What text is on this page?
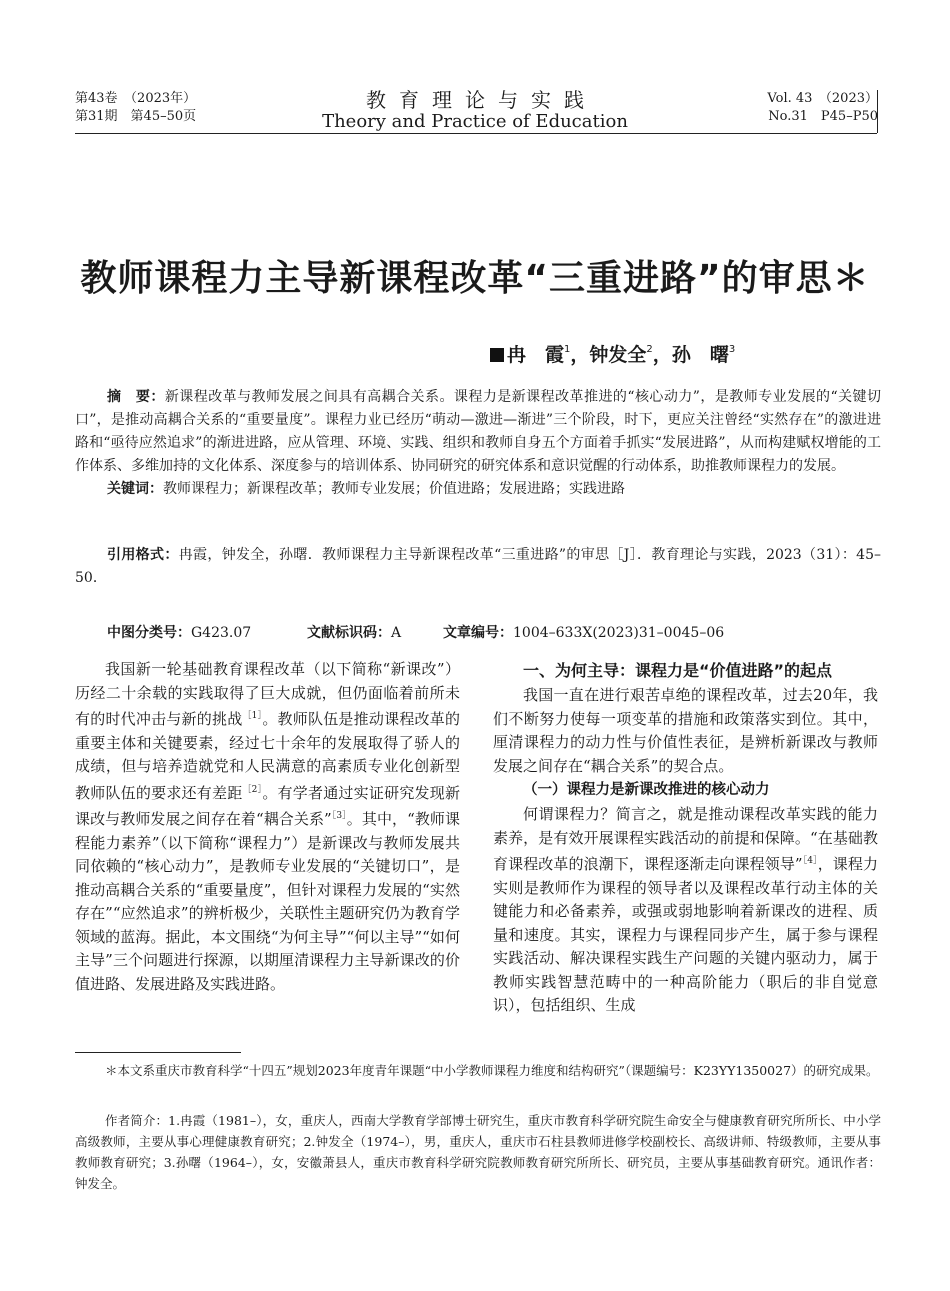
第43卷　（2023年）
第31期　第45–50页
教育理论与实践
Theory and Practice of Education
Vol. 43　（2023）
No.31　P45–P50
教师课程力主导新课程改革“三重进路”的审思＊
冉　霞$^1$，钟发全$^2$，孙　曙$^3$

摘　要：新课程改革与教师发展之间具有高耦合关系。课程力是新课程改革推进的“核心动力”，是教师专业发展的“关键切口”，是推动高耦合关系的“重要量度”。课程力业已经历“萌动—激进—渐进”三个阶段，时下，更应关注曾经“实然存在”的激进进路和“亟待应然追求”的渐进进路，应从管理、环境、实践、组织和教师自身五个方面着手抓实“发展进路”，从而构建赋权增能的工作体系、多维加持的文化体系、深度参与的培训体系、协同研究的研究体系和意识觉醒的行动体系，助推教师课程力的发展。

关键词：教师课程力；新课程改革；教师专业发展；价值进路；发展进路；实践进路

引用格式：冉霞，钟发全，孙曙．教师课程力主导新课程改革“三重进路”的审思［J］．教育理论与实践，2023（31）：45–50．
中图分类号：G423.07	文献标识码：A	文章编号：1004–633X(2023)31–0045–06

我国新一轮基础教育课程改革（以下简称“新课改”）历经二十余载的实践取得了巨大成就，但仍面临着前所未有的时代冲击与新的挑战$^{[1]}$。教师队伍是推动课程改革的重要主体和关键要素，经过七十余年的发展取得了骄人的成绩，但与培养造就党和人民满意的高素质专业化创新型教师队伍的要求还有差距$^{[2]}$。有学者通过实证研究发现新课改与教师发展之间存在着“耦合关系”$^{[3]}$。其中，“教师课程能力素养”（以下简称“课程力”）是新课改与教师发展共同依赖的“核心动力”，是教师专业发展的“关键切口”，是推动高耦合关系的“重要量度”，但针对课程力发展的“实然存在”“应然追求”的辨析极少，关联性主题研究仍为教育学领域的蓝海。据此，本文围绕“为何主导”“何以主导”“如何主导”三个问题进行探源，以期厘清课程力主导新课改的价值进路、发展进路及实践进路。

一、为何主导：课程力是“价值进路”的起点

我国一直在进行艰苦卓绝的课程改革，过去20年，我们不断努力使每一项变革的措施和政策落实到位。其中，厘清课程力的动力性与价值性表征，是辨析新课改与教师发展之间存在“耦合关系”的契合点。

（一）课程力是新课改推进的核心动力

何谓课程力？简言之，就是推动课程改革实践的能力素养，是有效开展课程实践活动的前提和保障。“在基础教育课程改革的浪潮下，课程逐渐走向课程领导”$^{[4]}$，课程力实则是教师作为课程的领导者以及课程改革行动主体的关键能力和必备素养，或强或弱地影响着新课改的进程、质量和速度。其实，课程力与课程同步产生，属于参与课程实践活动、解决课程实践生产问题的关键内驱动力，属于教师实践智慧范畴中的一种高阶能力（职后的非自觉意识），包括组织、生成

＊本文系重庆市教育科学“十四五”规划2023年度青年课题“中小学教师课程力维度和结构研究”（课题编号：K23YY1350027）的研究成果。
作者简介：1.冉霞（1981–），女，重庆人，西南大学教育学部博士研究生，重庆市教育科学研究院生命安全与健康教育研究所所长、中小学高级教师，主要从事心理健康教育研究；2.钟发全（1974–），男，重庆人，重庆市石柱县教师进修学校副校长、高级讲师、特级教师，主要从事教师教育研究；3.孙曙（1964–），女，安徽萧县人，重庆市教育科学研究院教师教育研究所所长、研究员，主要从事基础教育研究。通讯作者：钟发全。
